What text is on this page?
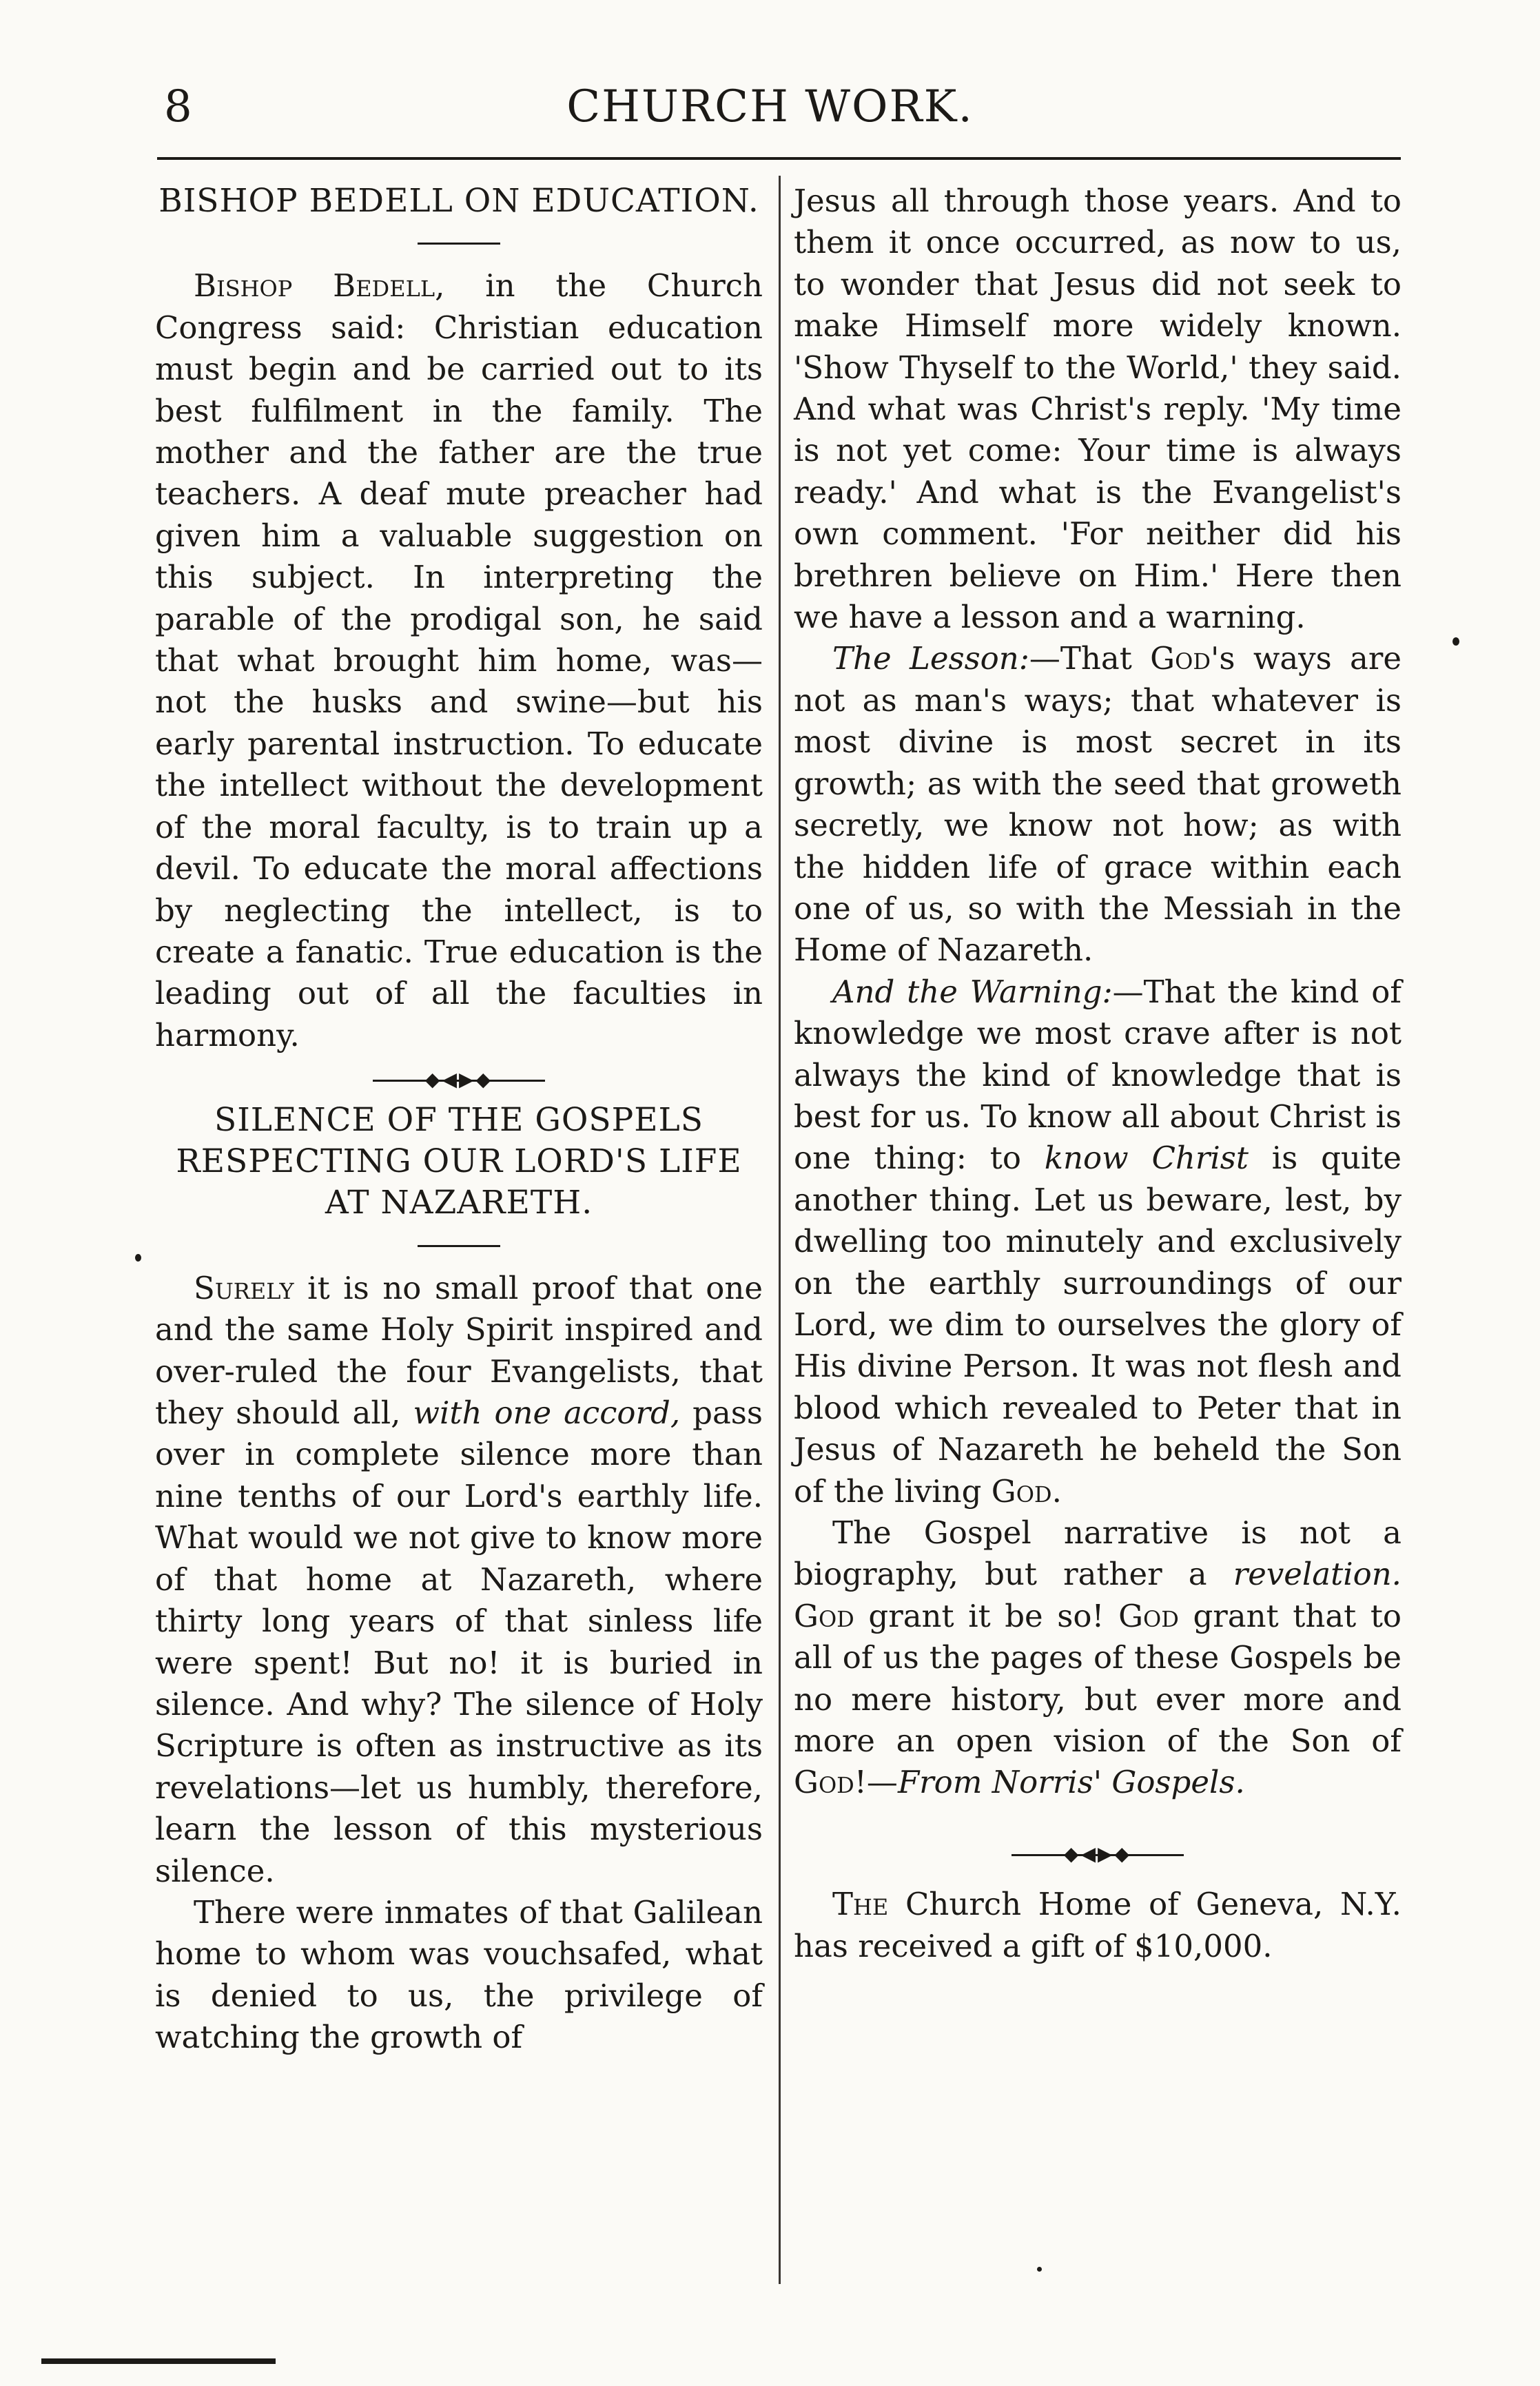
8	CHURCH WORK.
BISHOP BEDELL ON EDUCATION.

Bishop Bedell, in the Church Congress said: Christian education must begin and be carried out to its best fulfilment in the family. The mother and the father are the true teachers. A deaf mute preacher had given him a valuable suggestion on this subject. In interpreting the parable of the prodigal son, he said that what brought him home, was—not the husks and swine—but his early parental instruction. To educate the intellect without the development of the moral faculty, is to train up a devil. To educate the moral affections by neglecting the intellect, is to create a fanatic. True education is the leading out of all the faculties in harmony.

◆◀▶◆
SILENCE OF THE GOSPELS RESPECTING OUR LORD'S LIFE AT NAZARETH.

Surely it is no small proof that one and the same Holy Spirit inspired and over-ruled the four Evangelists, that they should all, with one accord, pass over in complete silence more than nine tenths of our Lord's earthly life. What would we not give to know more of that home at Nazareth, where thirty long years of that sinless life were spent! But no! it is buried in silence. And why? The silence of Holy Scripture is often as instructive as its revelations—let us humbly, therefore, learn the lesson of this mysterious silence.

There were inmates of that Galilean home to whom was vouchsafed, what is denied to us, the privilege of watching the growth of

Jesus all through those years. And to them it once occurred, as now to us, to wonder that Jesus did not seek to make Himself more widely known. 'Show Thyself to the World,' they said. And what was Christ's reply. 'My time is not yet come: Your time is always ready.' And what is the Evangelist's own comment. 'For neither did his brethren believe on Him.' Here then we have a lesson and a warning.

The Lesson:—That God's ways are not as man's ways; that whatever is most divine is most secret in its growth; as with the seed that groweth secretly, we know not how; as with the hidden life of grace within each one of us, so with the Messiah in the Home of Nazareth.

And the Warning:—That the kind of knowledge we most crave after is not always the kind of knowledge that is best for us. To know all about Christ is one thing: to know Christ is quite another thing. Let us beware, lest, by dwelling too minutely and exclusively on the earthly surroundings of our Lord, we dim to ourselves the glory of His divine Person. It was not flesh and blood which revealed to Peter that in Jesus of Nazareth he beheld the Son of the living God.

The Gospel narrative is not a biography, but rather a revelation. God grant it be so! God grant that to all of us the pages of these Gospels be no mere history, but ever more and more an open vision of the Son of God!—From Norris' Gospels.

◆◀▶◆

The Church Home of Geneva, N.Y. has received a gift of $10,000.
